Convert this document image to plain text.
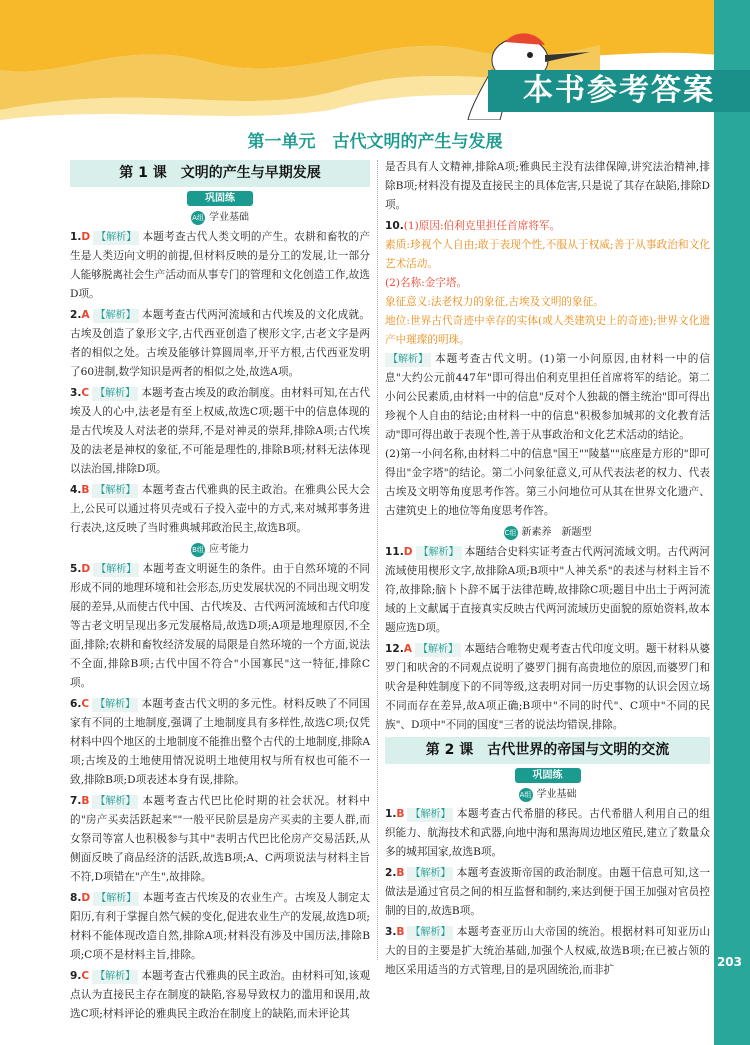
本书参考答案
第一单元　古代文明的产生与发展
第 1 课　文明的产生与早期发展
巩固练
A组 学业基础
1.D 【解析】 本题考查古代人类文明的产生。农耕和畜牧的产生是人类迈向文明的前提,但材料反映的是分工的发展,让一部分人能够脱离社会生产活动而从事专门的管理和文化创造工作,故选D项。
2.A 【解析】 本题考查古代两河流域和古代埃及的文化成就。古埃及创造了象形文字,古代西亚创造了楔形文字,古老文字是两者的相似之处。古埃及能够计算圆周率,开平方根,古代西亚发明了60进制,数学知识是两者的相似之处,故选A项。
3.C 【解析】 本题考查古埃及的政治制度。由材料可知,在古代埃及人的心中,法老是有至上权威,故选C项;题干中的信息体现的是古代埃及人对法老的崇拜,不是对神灵的崇拜,排除A项;古代埃及的法老是神权的象征,不可能是理性的,排除B项;材料无法体现以法治国,排除D项。
4.B 【解析】 本题考查古代雅典的民主政治。在雅典公民大会上,公民可以通过将贝壳或石子投入壶中的方式,来对城邦事务进行表决,这反映了当时雅典城邦政治民主,故选B项。
B组 应考能力
5.D 【解析】 本题考查文明诞生的条件。由于自然环境的不同形成不同的地理环境和社会形态,历史发展状况的不同出现文明发展的差异,从而使古代中国、古代埃及、古代两河流域和古代印度等古老文明呈现出多元发展格局,故选D项;A项是地理原因,不全面,排除;农耕和畜牧经济发展的局限是自然环境的一个方面,说法不全面,排除B项;古代中国不符合"小国寡民"这一特征,排除C项。
6.C 【解析】 本题考查古代文明的多元性。材料反映了不同国家有不同的土地制度,强调了土地制度具有多样性,故选C项;仅凭材料中四个地区的土地制度不能推出整个古代的土地制度,排除A项;古埃及的土地使用情况说明土地使用权与所有权也可能不一致,排除B项;D项表述本身有误,排除。
7.B 【解析】 本题考查古代巴比伦时期的社会状况。材料中的"房产买卖活跃起来""一般平民阶层是房产买卖的主要人群,而女祭司等富人也积极参与其中"表明古代巴比伦房产交易活跃,从侧面反映了商品经济的活跃,故选B项;A、C两项说法与材料主旨不符,D项错在"产生",故排除。
8.D 【解析】 本题考查古代埃及的农业生产。古埃及人制定太阳历,有利于掌握自然气候的变化,促进农业生产的发展,故选D项;材料不能体现改造自然,排除A项;材料没有涉及中国历法,排除B项;C项不是材料主旨,排除。
9.C 【解析】 本题考查古代雅典的民主政治。由材料可知,该观点认为直接民主存在制度的缺陷,容易导致权力的滥用和误用,故选C项;材料评论的雅典民主政治在制度上的缺陷,而未评论其
是否具有人文精神,排除A项;雅典民主没有法律保障,讲究法治精神,排除B项;材料没有提及直接民主的具体危害,只是说了其存在缺陷,排除D项。
10.(1)原因:伯利克里担任首席将军。
素质:珍视个人自由;敢于表现个性,不服从于权威;善于从事政治和文化艺术活动。
(2)名称:金字塔。
象征意义:法老权力的象征,古埃及文明的象征。
地位:世界古代奇迹中幸存的实体(或人类建筑史上的奇迹);世界文化遗产中璀璨的明珠。
【解析】 本题考查古代文明。(1)第一小问原因,由材料一中的信息"大约公元前447年"即可得出伯利克里担任首席将军的结论。第二小问公民素质,由材料一中的信息"反对个人独裁的僭主统治"即可得出珍视个人自由的结论;由材料一中的信息"积极参加城邦的文化教育活动"即可得出敢于表现个性,善于从事政治和文化艺术活动的结论。
(2)第一小问名称,由材料二中的信息"国王""陵墓""底座是方形的"即可得出"金字塔"的结论。第二小问象征意义,可从代表法老的权力、代表古埃及文明等角度思考作答。第三小问地位可从其在世界文化遗产、古建筑史上的地位等角度思考作答。
C组 新素养　新题型
11.D 【解析】 本题结合史料实证考查古代两河流域文明。古代两河流域使用楔形文字,故排除A项;B项中"人神关系"的表述与材料主旨不符,故排除;脑卜卜辞不属于法律范畴,故排除C项;题目中出土于两河流域的上文献属于直接真实反映古代两河流域历史面貌的原始资料,故本题应选D项。
12.A 【解析】 本题结合唯物史观考查古代印度文明。题干材料从婆罗门和吠舍的不同观点说明了婆罗门拥有高贵地位的原因,而婆罗门和吠舍是种姓制度下的不同等级,这表明对同一历史事物的认识会因立场不同而存在差异,故A项正确;B项中"不同的时代"、C项中"不同的民族"、D项中"不同的国度"三者的说法均错误,排除。
第 2 课　古代世界的帝国与文明的交流
巩固练
A组 学业基础
1.B 【解析】 本题考查古代希腊的移民。古代希腊人利用自己的组织能力、航海技术和武器,向地中海和黑海周边地区殖民,建立了数量众多的城邦国家,故选B项。
2.B 【解析】 本题考查波斯帝国的政治制度。由题干信息可知,这一做法是通过官员之间的相互监督和制约,来达到便于国王加强对官员控制的目的,故选B项。
3.B 【解析】 本题考查亚历山大帝国的统治。根据材料可知亚历山大的目的主要是扩大统治基础,加强个人权威,故选B项;在已被占领的地区采用适当的方式管理,目的是巩固统治,而非扩
203
